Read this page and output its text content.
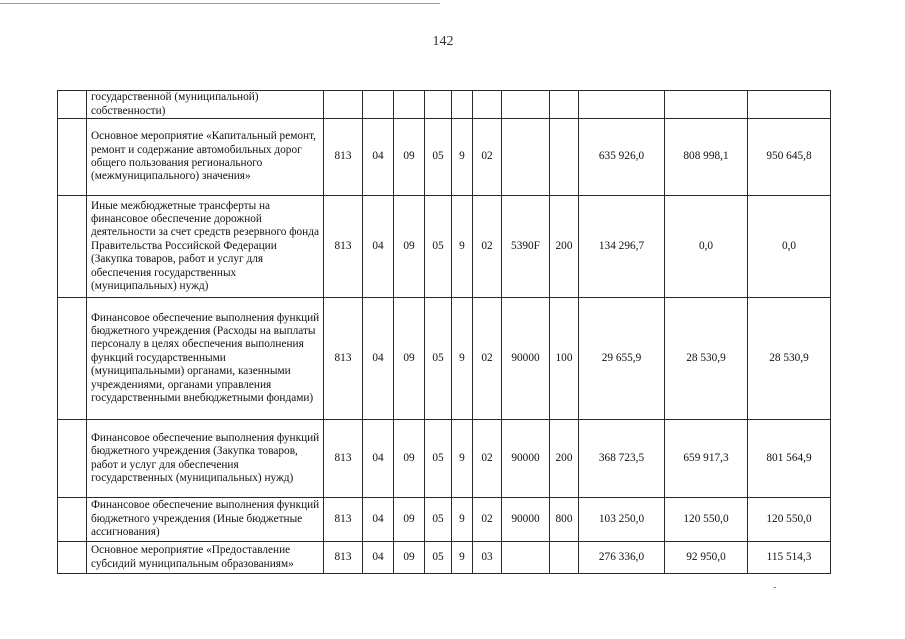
142
	государственной (муниципальной) собственности)											
	Основное мероприятие «Капитальный ремонт, ремонт и содержание автомобильных дорог общего пользования регионального (межмуниципального) значения»	813	04	09	05	9	02			635 926,0	808 998,1	950 645,8
	Иные межбюджетные трансферты на финансовое обеспечение дорожной деятельности за счет средств резервного фонда Правительства Российской Федерации (Закупка товаров, работ и услуг для обеспечения государственных (муниципальных) нужд)	813	04	09	05	9	02	5390F	200	134 296,7	0,0	0,0
	Финансовое обеспечение выполнения функций бюджетного учреждения (Расходы на выплаты персоналу в целях обеспечения выполнения функций государственными (муниципальными) органами, казенными учреждениями, органами управления государственными внебюджетными фондами)	813	04	09	05	9	02	90000	100	29 655,9	28 530,9	28 530,9
	Финансовое обеспечение выполнения функций бюджетного учреждения (Закупка товаров, работ и услуг для обеспечения государственных (муниципальных) нужд)	813	04	09	05	9	02	90000	200	368 723,5	659 917,3	801 564,9
	Финансовое обеспечение выполнения функций бюджетного учреждения (Иные бюджетные ассигнования)	813	04	09	05	9	02	90000	800	103 250,0	120 550,0	120 550,0
	Основное мероприятие «Предоставление субсидий муниципальным образованиям»	813	04	09	05	9	03			276 336,0	92 950,0	115 514,3
-
